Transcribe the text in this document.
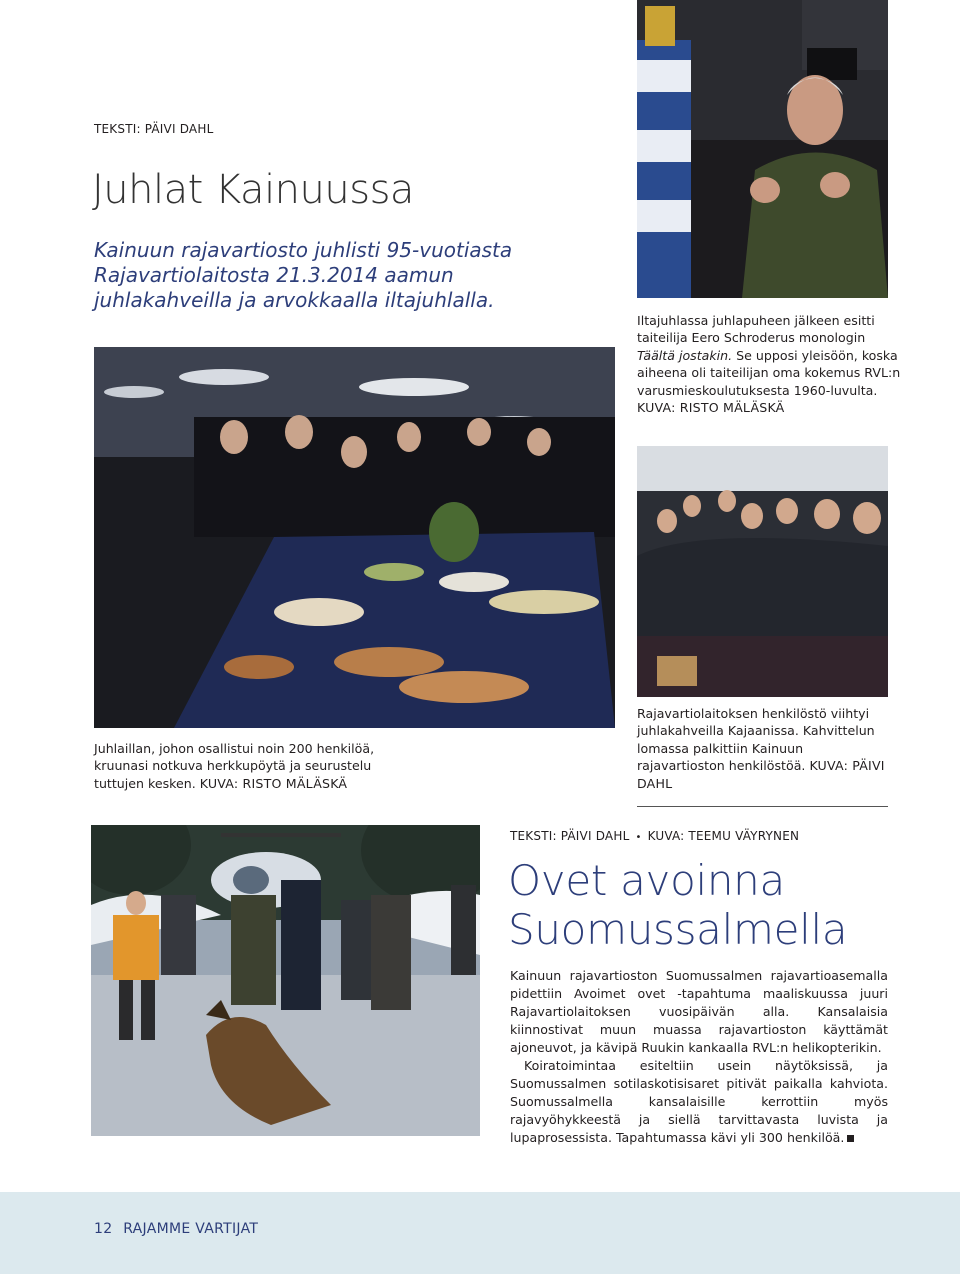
TEKSTI: PÄIVI DAHL
Juhlat Kainuussa
Kainuun rajavartiosto juhlisti 95-vuotiasta Rajavartiolaitosta 21.3.2014 aamun juhlakahveilla ja arvokkaalla iltajuhlalla.
Iltajuhlassa juhlapuheen jälkeen esitti taiteilija Eero Schroderus monologin Täältä jostakin. Se upposi yleisöön, koska aiheena oli taiteilijan oma kokemus RVL:n varusmieskoulutuksesta 1960-luvulta. KUVA: RISTO MÄLÄSKÄ
Juhlaillan, johon osallistui noin 200 henkilöä, kruunasi notkuva herkkupöytä ja seurustelu tuttujen kesken. KUVA: RISTO MÄLÄSKÄ
Rajavartiolaitoksen henkilöstö viihtyi juhlakahveilla Kajaanissa. Kahvittelun lomassa palkittiin Kainuun rajavartioston henkilöstöä. KUVA: PÄIVI DAHL
TEKSTI: PÄIVI DAHL • KUVA: TEEMU VÄYRYNEN
Ovet avoinna
Suomussalmella

Kainuun rajavartioston Suomussalmen rajavartioasemalla pidettiin Avoimet ovet -tapahtuma maaliskuussa juuri Rajavartiolaitoksen vuosipäivän alla. Kansalaisia kiinnostivat muun muassa rajavartioston käyttämät ajoneuvot, ja kävipä Ruukin kankaalla RVL:n helikopterikin.

Koiratoimintaa esiteltiin usein näytöksissä, ja Suomussalmen sotilaskotisisaret pitivät paikalla kahviota. Suomussalmella kansalaisille kerrottiin myös rajavyöhykkeestä ja siellä tarvittavasta luvista ja lupaprosessista. Tapahtumassa kävi yli 300 henkilöä.

12 RAJAMME VARTIJAT
